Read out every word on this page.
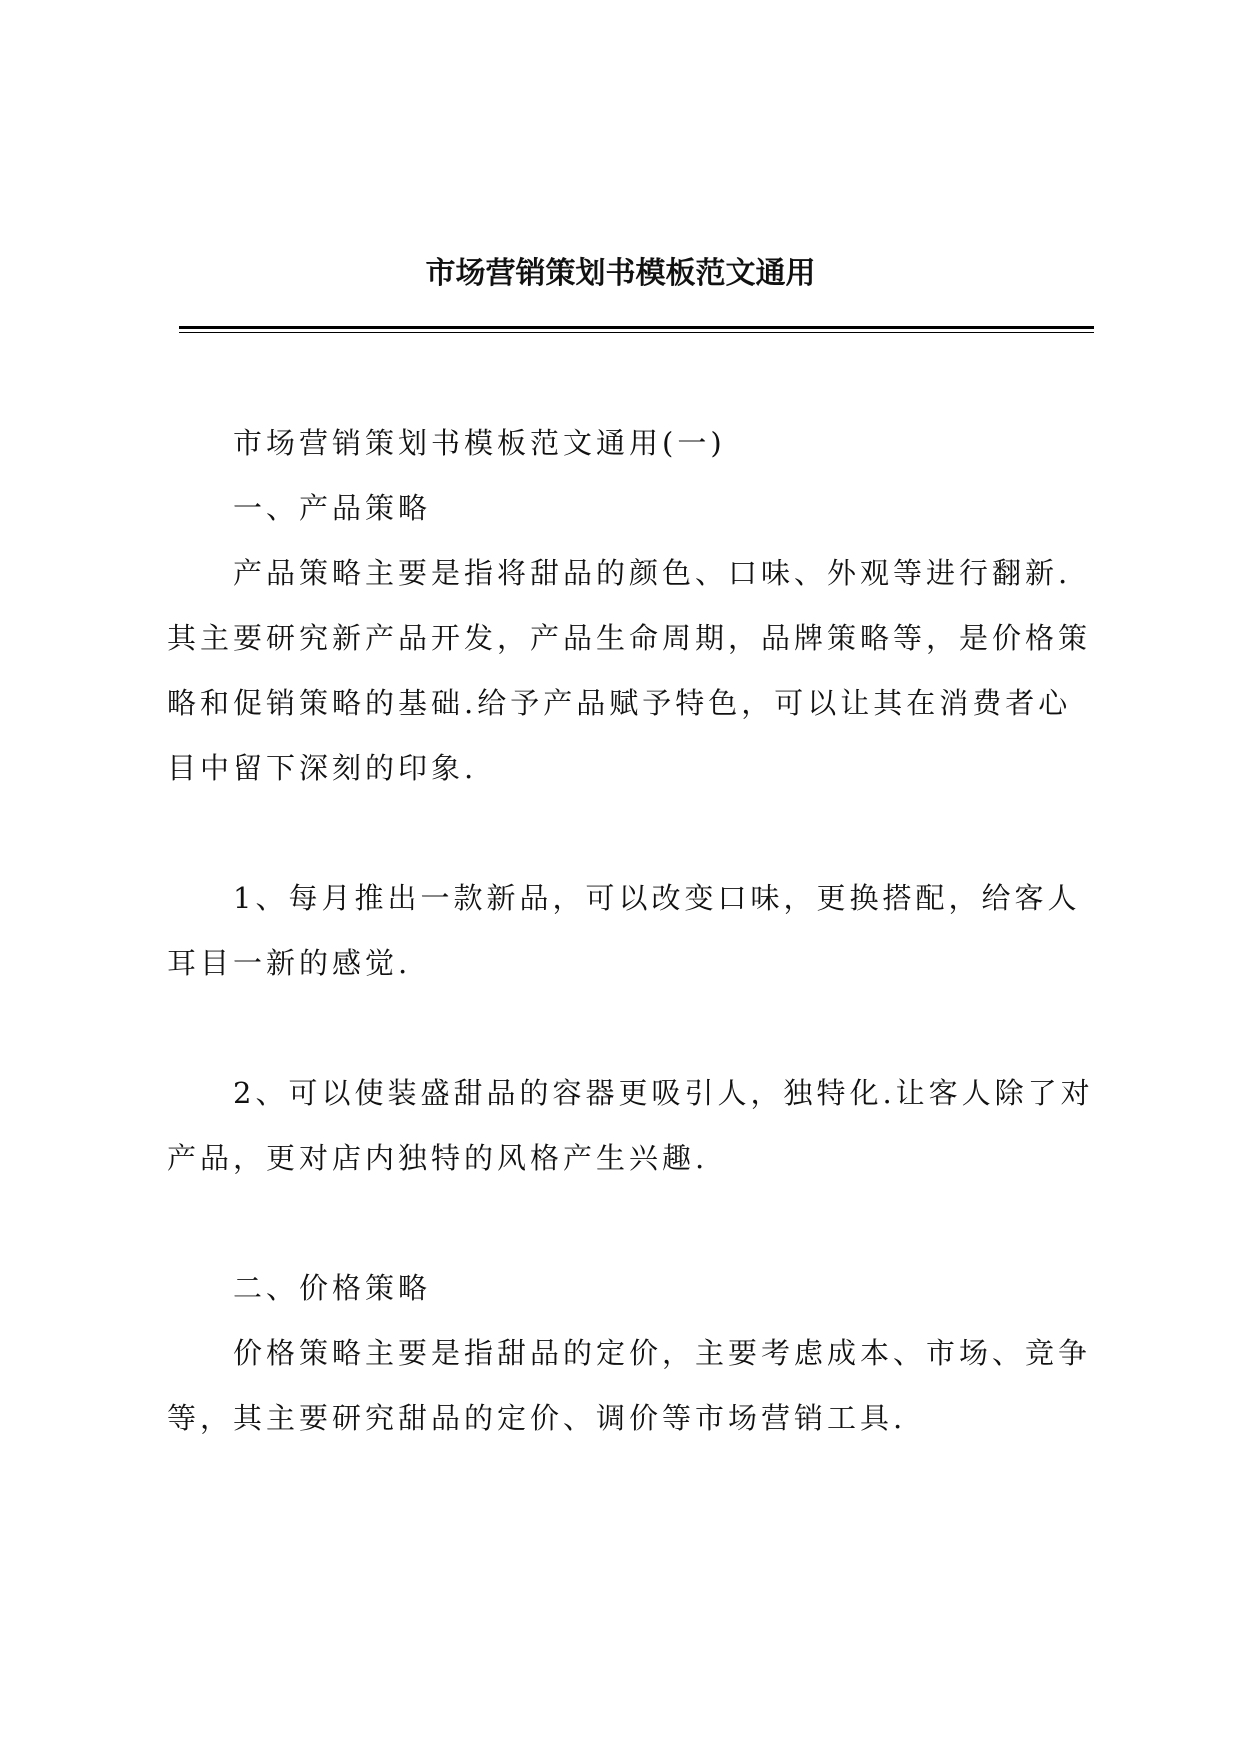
市场营销策划书模板范文通用

市场营销策划书模板范文通用(一)

一、产品策略

产品策略主要是指将甜品的颜色、口味、外观等进行翻新.其主要研究新产品开发，产品生命周期，品牌策略等，是价格策略和促销策略的基础.给予产品赋予特色，可以让其在消费者心目中留下深刻的印象.

1、每月推出一款新品，可以改变口味，更换搭配，给客人耳目一新的感觉.

2、可以使装盛甜品的容器更吸引人，独特化.让客人除了对产品，更对店内独特的风格产生兴趣.

二、价格策略

价格策略主要是指甜品的定价，主要考虑成本、市场、竞争等，其主要研究甜品的定价、调价等市场营销工具.
